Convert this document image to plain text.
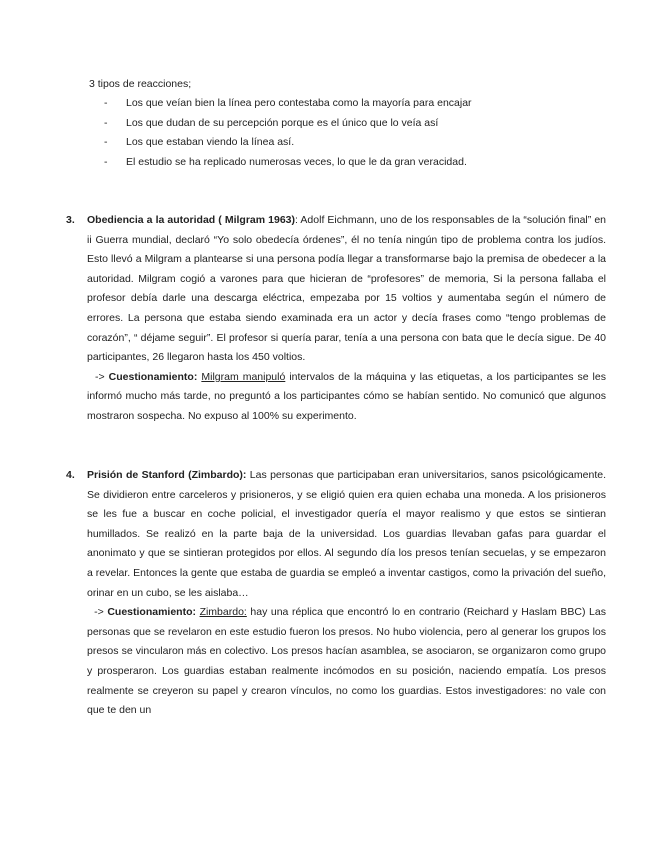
3 tipos de reacciones;
- Los que veían bien la línea pero contestaba como la mayoría para encajar
- Los que dudan de su percepción porque es el único que lo veía así
- Los que estaban viendo la línea así.
- El estudio se ha replicado numerosas veces, lo que le da gran veracidad.
3. Obediencia a la autoridad ( Milgram 1963): Adolf Eichmann, uno de los responsables de la “solución final” en ii Guerra mundial, declaró “Yo solo obedecía órdenes”, él no tenía ningún tipo de problema contra los judíos. Esto llevó a Milgram a plantearse si una persona podía llegar a transformarse bajo la premisa de obedecer a la autoridad. Milgram cogió a varones para que hicieran de “profesores” de memoria, Si la persona fallaba el profesor debía darle una descarga eléctrica, empezaba por 15 voltios y aumentaba según el número de errores. La persona que estaba siendo examinada era un actor y decía frases como “tengo problemas de corazón”, “ déjame seguir”. El profesor si quería parar, tenía a una persona con bata que le decía sigue. De 40 participantes, 26 llegaron hasta los 450 voltios.
-> Cuestionamiento: Milgram manipuló intervalos de la máquina y las etiquetas, a los participantes se les informó mucho más tarde, no preguntó a los participantes cómo se habían sentido. No comunicó que algunos mostraron sospecha. No expuso al 100% su experimento.
4. Prisión de Stanford (Zimbardo): Las personas que participaban eran universitarios, sanos psicológicamente. Se dividieron entre carceleros y prisioneros, y se eligió quien era quien echaba una moneda. A los prisioneros se les fue a buscar en coche policial, el investigador quería el mayor realismo y que estos se sintieran humillados. Se realizó en la parte baja de la universidad. Los guardias llevaban gafas para guardar el anonimato y que se sintieran protegidos por ellos. Al segundo día los presos tenían secuelas, y se empezaron a revelar. Entonces la gente que estaba de guardia se empleó a inventar castigos, como la privación del sueño, orinar en un cubo, se les aislaba…
-> Cuestionamiento: Zimbardo: hay una réplica que encontró lo en contrario (Reichard y Haslam BBC) Las personas que se revelaron en este estudio fueron los presos. No hubo violencia, pero al generar los grupos los presos se vincularon más en colectivo. Los presos hacían asamblea, se asociaron, se organizaron como grupo y prosperaron. Los guardias estaban realmente incómodos en su posición, naciendo empatía. Los presos realmente se creyeron su papel y crearon vínculos, no como los guardias. Estos investigadores: no vale con que te den un
